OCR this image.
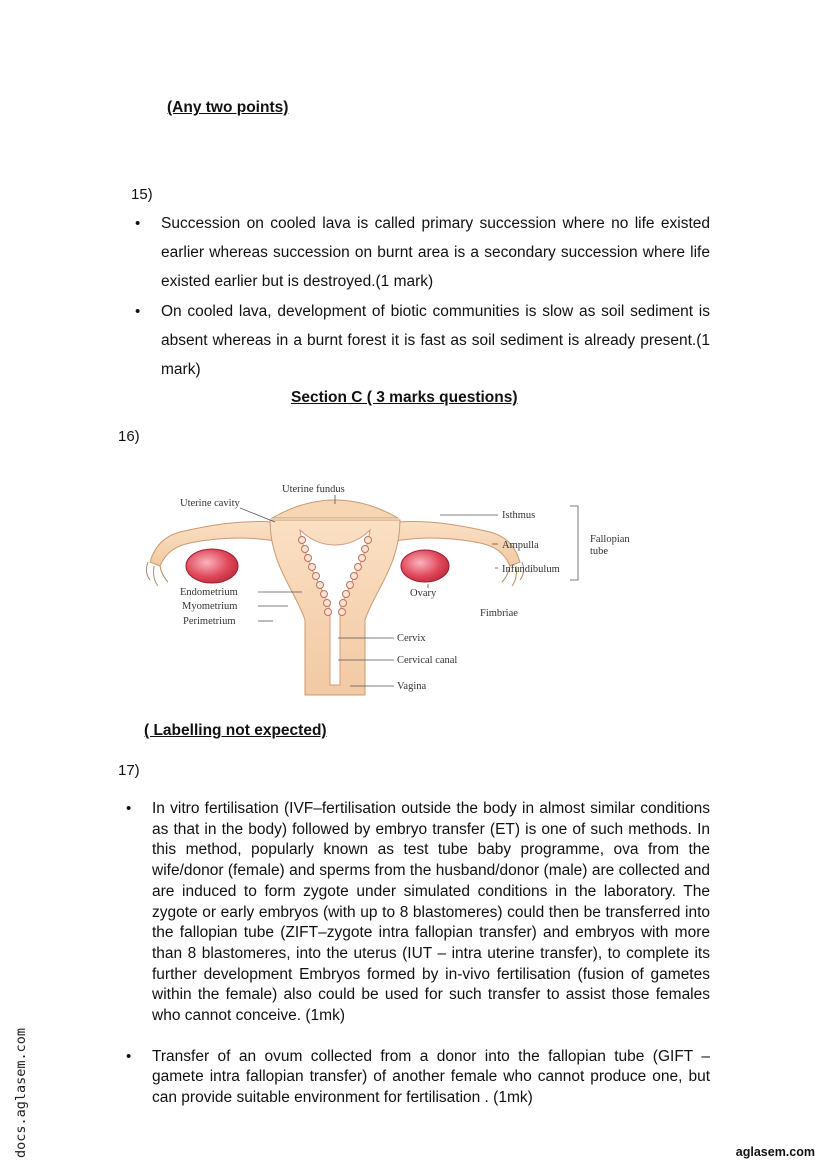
(Any two points)
15)
• Succession on cooled lava is called primary succession where no life existed earlier whereas succession on burnt area is a secondary succession where life existed earlier but is destroyed.(1 mark)
• On cooled lava, development of biotic communities is slow as soil sediment is absent whereas in a burnt forest it is fast as soil sediment is already present.(1 mark)
Section C ( 3 marks questions)
16)
Uterine fundus
Uterine cavity
Isthmus
Ampulla
Infundibulum
Fallopian
tube
Endometrium
Myometrium
Perimetrium
Ovary
Fimbriae
Cervix
Cervical canal
Vagina
( Labelling not expected)
17)
• In vitro fertilisation (IVF–fertilisation outside the body in almost similar conditions as that in the body) followed by embryo transfer (ET) is one of such methods. In this method, popularly known as test tube baby programme, ova from the wife/donor (female) and sperms from the husband/donor (male) are collected and are induced to form zygote under simulated conditions in the laboratory. The zygote or early embryos (with up to 8 blastomeres) could then be transferred into the fallopian tube (ZIFT–zygote intra fallopian transfer) and embryos with more than 8 blastomeres, into the uterus (IUT – intra uterine transfer), to complete its further development Embryos formed by in-vivo fertilisation (fusion of gametes within the female) also could be used for such transfer to assist those females who cannot conceive. (1mk)
• Transfer of an ovum collected from a donor into the fallopian tube (GIFT – gamete intra fallopian transfer) of another female who cannot produce one, but can provide suitable environment for fertilisation . (1mk)
docs.aglasem.com	aglasem.com
